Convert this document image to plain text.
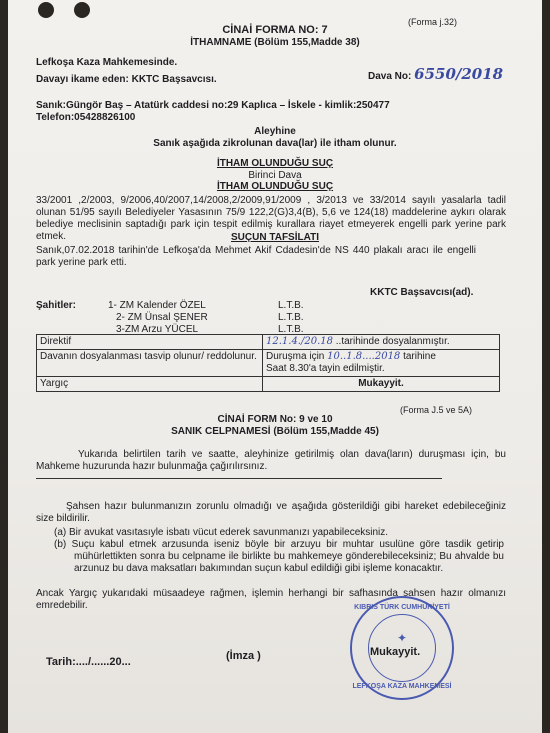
(Forma j.32)
CİNAİ FORMA NO: 7
İTHAMNAME (Bölüm 155,Madde 38)
Lefkoşa Kaza Mahkemesinde.
Davayı ikame eden: KKTC Başsavcısı.	Dava No: 6550/2018
Sanık:Güngör Baş – Atatürk caddesi no:29 Kaplıca – İskele - kimlik:250477
Telefon:05428826100
Aleyhine
Sanık aşağıda zikrolunan dava(lar) ile itham olunur.
İTHAM OLUNDUĞU SUÇ
Birinci Dava
İTHAM OLUNDUĞU SUÇ
33/2001 ,2/2003, 9/2006,40/2007,14/2008,2/2009,91/2009 , 3/2013 ve 33/2014 sayılı yasalarla tadil olunan 51/95 sayılı Belediyeler Yasasının 75/9 122,2(G)3,4(B), 5,6 ve 124(18) maddelerine aykırı olarak belediye meclisinin saptadığı park için tespit edilmiş kurallara riayet etmeyerek engelli park yerine park etmek.	SUÇUN TAFSİLATI
Sanık,07.02.2018 tarihin'de Lefkoşa'da Mehmet Akif Cdadesin'de NS 440 plakalı aracı ile engelli park yerine park etti.
KKTC Başsavcısı(ad).
Şahitler:	1- ZM Kalender ÖZEL	L.T.B.
2- ZM Ünsal ŞENER	L.T.B.
3-ZM Arzu YÜCEL	L.T.B.
Direktif	12.1.4./20.18 ..tarihinde dosyalanmıştır.
Davanın dosyalanması tasvip olunur/ reddolunur.	Duruşma için 10..1.8....2018 tarihine
Saat 8.30'a tayin edilmiştir.
Yargıç	Mukayyit.
(Forma J.5 ve 5A)
CİNAİ FORM No: 9 ve 10
SANIK CELPNAMESİ (Bölüm 155,Madde 45)
Yukarıda belirtilen tarih ve saatte, aleyhinize getirilmiş olan dava(ların) duruşması için, bu Mahkeme huzurunda hazır bulunmağa çağırılırsınız.
Şahsen hazır bulunmanızın zorunlu olmadığı ve aşağıda gösterildiği gibi hareket edebileceğiniz size bildirilir.
(a) Bir avukat vasıtasıyle isbatı vücut ederek savunmanızı yapabileceksiniz.
(b) Suçu kabul etmek arzusunda iseniz böyle bir arzuyu bir muhtar usulüne göre tasdik getirip mühürlettikten sonra bu celpname ile birlikte bu mahkemeye gönderebileceksiniz; Bu ahvalde bu arzunuz bu dava maksatları bakımından suçun kabul edildiği gibi işleme konacaktır.
Ancak Yargıç yukarıdaki müsaadeye rağmen, işlemin herhangi bir safhasında şahsen hazır olmanızı emredebilir.	KIBRIS TÜRK CUMHURİYETİ
✦
LEFKOŞA KAZA MAHKEMESİ
Mukayyit.
Tarih:..../......20...	(İmza )
